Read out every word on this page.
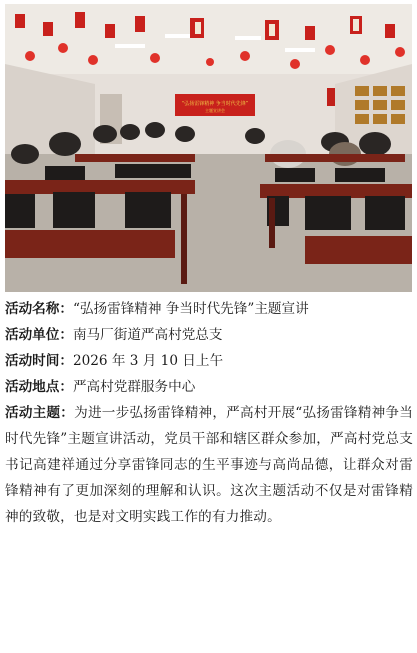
“弘扬雷锋精神 争当时代先锋”
主题宣讲会
活动名称：“弘扬雷锋精神 争当时代先锋”主题宣讲
活动单位：南马厂街道严高村党总支
活动时间：2026 年 3 月 10 日上午
活动地点：严高村党群服务中心
活动主题：为进一步弘扬雷锋精神，严高村开展“弘扬雷锋精神争当时代先锋”主题宣讲活动，党员干部和辖区群众参加，严高村党总支书记高建祥通过分享雷锋同志的生平事迹与高尚品德，让群众对雷锋精神有了更加深刻的理解和认识。这次主题活动不仅是对雷锋精神的致敬，也是对文明实践工作的有力推动。
